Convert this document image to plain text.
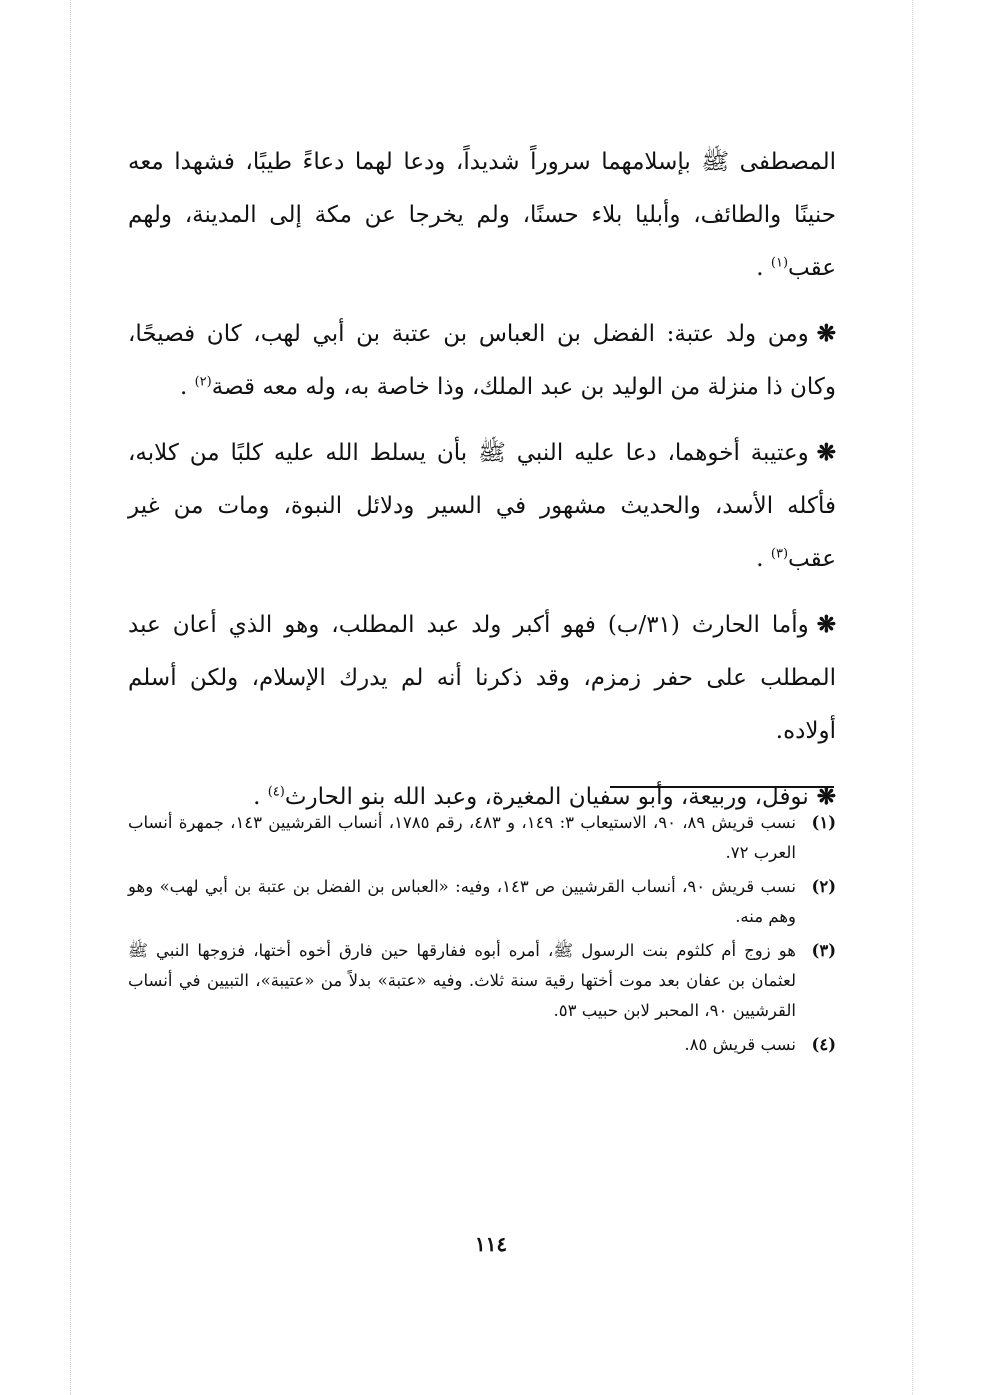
المصطفى ﷺ بإسلامهما سروراً شديداً، ودعا لهما دعاءً طيبًا، فشهدا معه حنينًا والطائف، وأبليا بلاء حسنًا، ولم يخرجا عن مكة إلى المدينة، ولهم عقب$^{(١)}$ .

❋ومن ولد عتبة: الفضل بن العباس بن عتبة بن أبي لهب، كان فصيحًا، وكان ذا منزلة من الوليد بن عبد الملك، وذا خاصة به، وله معه قصة$^{(٢)}$ .

❋وعتيبة أخوهما، دعا عليه النبي ﷺ بأن يسلط الله عليه كلبًا من كلابه، فأكله الأسد، والحديث مشهور في السير ودلائل النبوة، ومات من غير عقب$^{(٣)}$ .

❋وأما الحارث (٣١/ب) فهو أكبر ولد عبد المطلب، وهو الذي أعان عبد المطلب على حفر زمزم، وقد ذكرنا أنه لم يدرك الإسلام، ولكن أسلم أولاده.

❋نوفل، وربيعة، وأبو سفيان المغيرة، وعبد الله بنو الحارث$^{(٤)}$ .

(١)
نسب قريش ٨٩، ٩٠، الاستيعاب ٣: ١٤٩، و ٤٨٣، رقم ١٧٨٥، أنساب القرشيين ١٤٣، جمهرة أنساب العرب ٧٢.
(٢)
نسب قريش ٩٠، أنساب القرشيين ص ١٤٣، وفيه: «العباس بن الفضل بن عتبة بن أبي لهب» وهو وهم منه.
(٣)
هو زوج أم كلثوم بنت الرسول ﷺ، أمره أبوه ففارقها حين فارق أخوه أختها، فزوجها النبي ﷺ لعثمان بن عفان بعد موت أختها رقية سنة ثلاث. وفيه «عتبة» بدلاً من «عتيبة»، التبيين في أنساب القرشيين ٩٠، المحبر لابن حبيب ٥٣.
(٤)
نسب قريش ٨٥.
١١٤
